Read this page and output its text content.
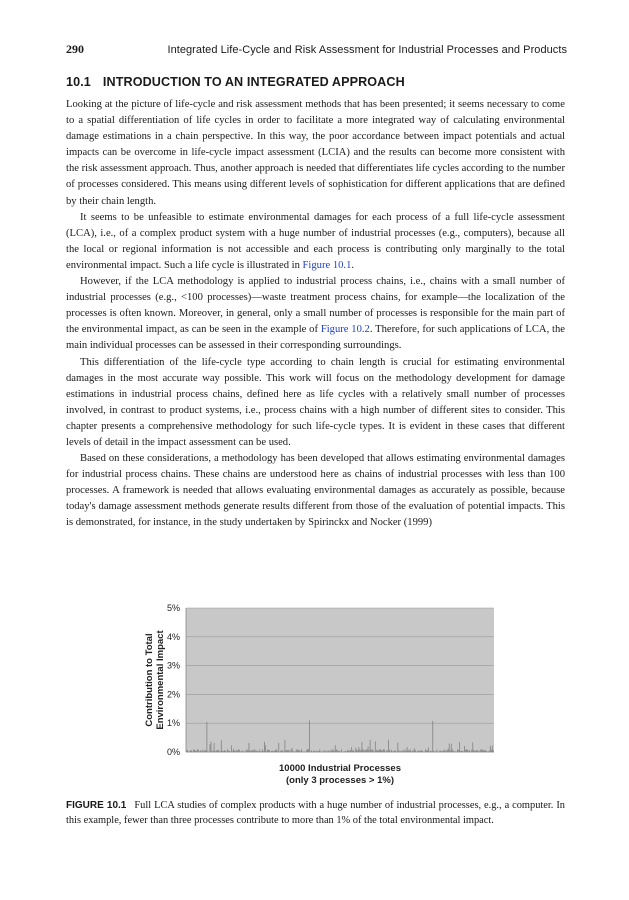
290	Integrated Life-Cycle and Risk Assessment for Industrial Processes and Products
10.1 INTRODUCTION TO AN INTEGRATED APPROACH

Looking at the picture of life-cycle and risk assessment methods that has been presented; it seems necessary to come to a spatial differentiation of life cycles in order to facilitate a more integrated way of calculating environmental damage estimations in a chain perspective. In this way, the poor accordance between impact potentials and actual impacts can be overcome in life-cycle impact assessment (LCIA) and the results can become more consistent with the risk assessment approach. Thus, another approach is needed that differentiates life cycles according to the number of processes considered. This means using different levels of sophistication for different applications that are defined by their chain length.

It seems to be unfeasible to estimate environmental damages for each process of a full life-cycle assessment (LCA), i.e., of a complex product system with a huge number of industrial processes (e.g., computers), because all the local or regional information is not accessible and each process is contributing only marginally to the total environmental impact. Such a life cycle is illustrated in Figure 10.1.

However, if the LCA methodology is applied to industrial process chains, i.e., chains with a small number of industrial processes (e.g., <100 processes)—waste treatment process chains, for example—the localization of the processes is often known. Moreover, in general, only a small number of processes is responsible for the main part of the environmental impact, as can be seen in the example of Figure 10.2. Therefore, for such applications of LCA, the main individual processes can be assessed in their corresponding surroundings.

This differentiation of the life-cycle type according to chain length is crucial for estimating environmental damages in the most accurate way possible. This work will focus on the methodology development for damage estimations in industrial process chains, defined here as life cycles with a relatively small number of processes involved, in contrast to product systems, i.e., process chains with a high number of different sites to consider. This chapter presents a comprehensive methodology for such life-cycle types. It is evident in these cases that different levels of detail in the impact assessment can be used.

Based on these considerations, a methodology has been developed that allows estimating environmental damages for industrial process chains. These chains are understood here as chains of industrial processes with less than 100 processes. A framework is needed that allows evaluating environmental damages as accurately as possible, because today's damage assessment methods generate results different from those of the evaluation of potential impacts. This is demonstrated, for instance, in the study undertaken by Spirinckx and Nocker (1999)

0%
1%
2%
3%
4%
5%
Contribution to Total Environmental Impact
10000 Industrial Processes
(only 3 processes > 1%)
FIGURE 10.1 Full LCA studies of complex products with a huge number of industrial processes, e.g., a computer. In this example, fewer than three processes contribute to more than 1% of the total environmental impact.
